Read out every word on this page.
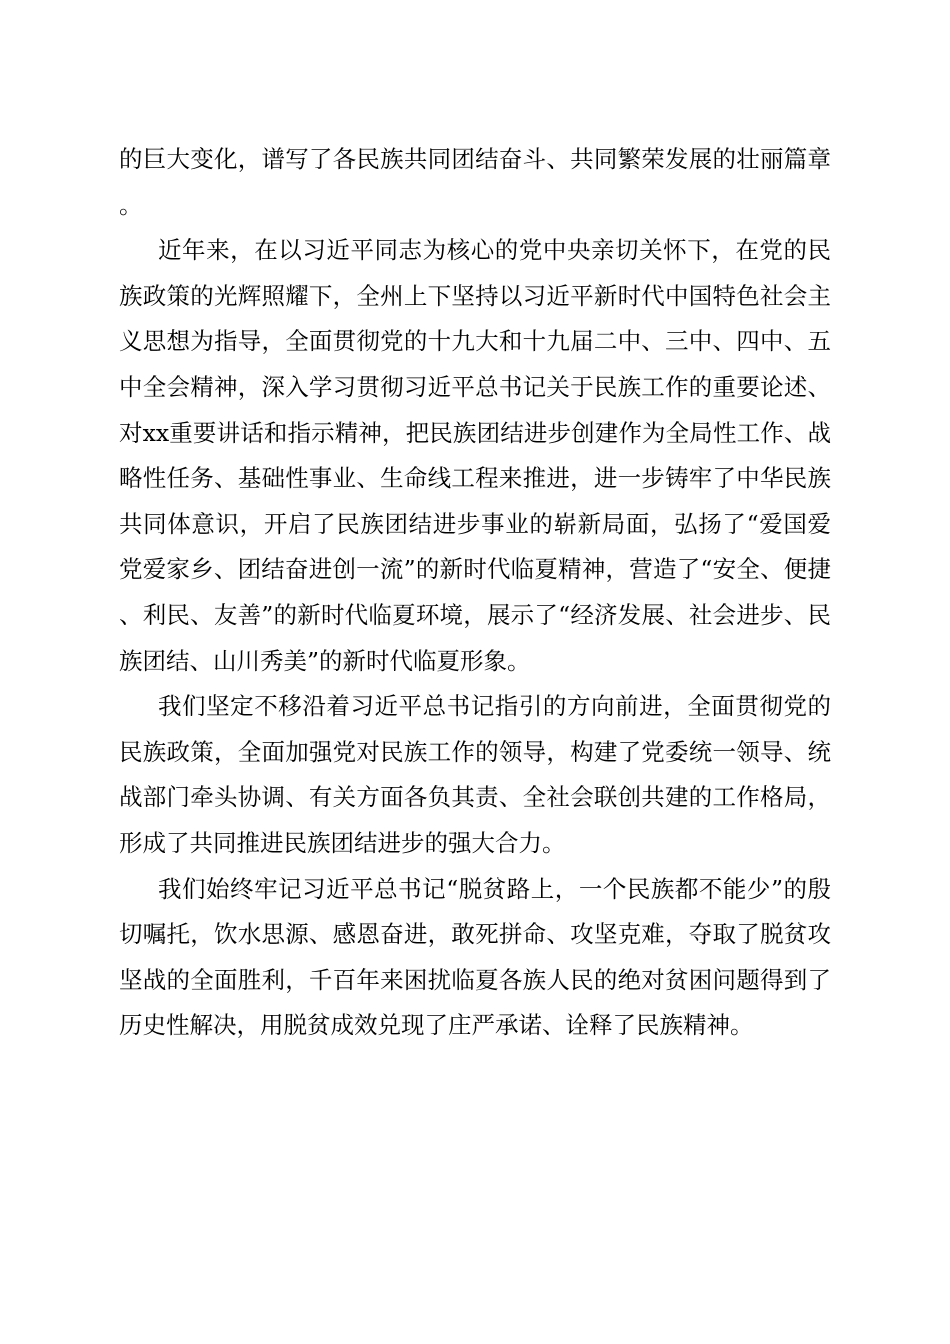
的巨大变化，谱写了各民族共同团结奋斗、共同繁荣发展的壮丽篇章。

近年来，在以习近平同志为核心的党中央亲切关怀下，在党的民族政策的光辉照耀下，全州上下坚持以习近平新时代中国特色社会主义思想为指导，全面贯彻党的十九大和十九届二中、三中、四中、五中全会精神，深入学习贯彻习近平总书记关于民族工作的重要论述、对xx重要讲话和指示精神，把民族团结进步创建作为全局性工作、战略性任务、基础性事业、生命线工程来推进，进一步铸牢了中华民族共同体意识，开启了民族团结进步事业的崭新局面，弘扬了“爱国爱党爱家乡、团结奋进创一流”的新时代临夏精神，营造了“安全、便捷、利民、友善”的新时代临夏环境，展示了“经济发展、社会进步、民族团结、山川秀美”的新时代临夏形象。

我们坚定不移沿着习近平总书记指引的方向前进，全面贯彻党的民族政策，全面加强党对民族工作的领导，构建了党委统一领导、统战部门牵头协调、有关方面各负其责、全社会联创共建的工作格局，形成了共同推进民族团结进步的强大合力。

我们始终牢记习近平总书记“脱贫路上，一个民族都不能少”的殷切嘱托，饮水思源、感恩奋进，敢死拼命、攻坚克难，夺取了脱贫攻坚战的全面胜利，千百年来困扰临夏各族人民的绝对贫困问题得到了历史性解决，用脱贫成效兑现了庄严承诺、诠释了民族精神。
